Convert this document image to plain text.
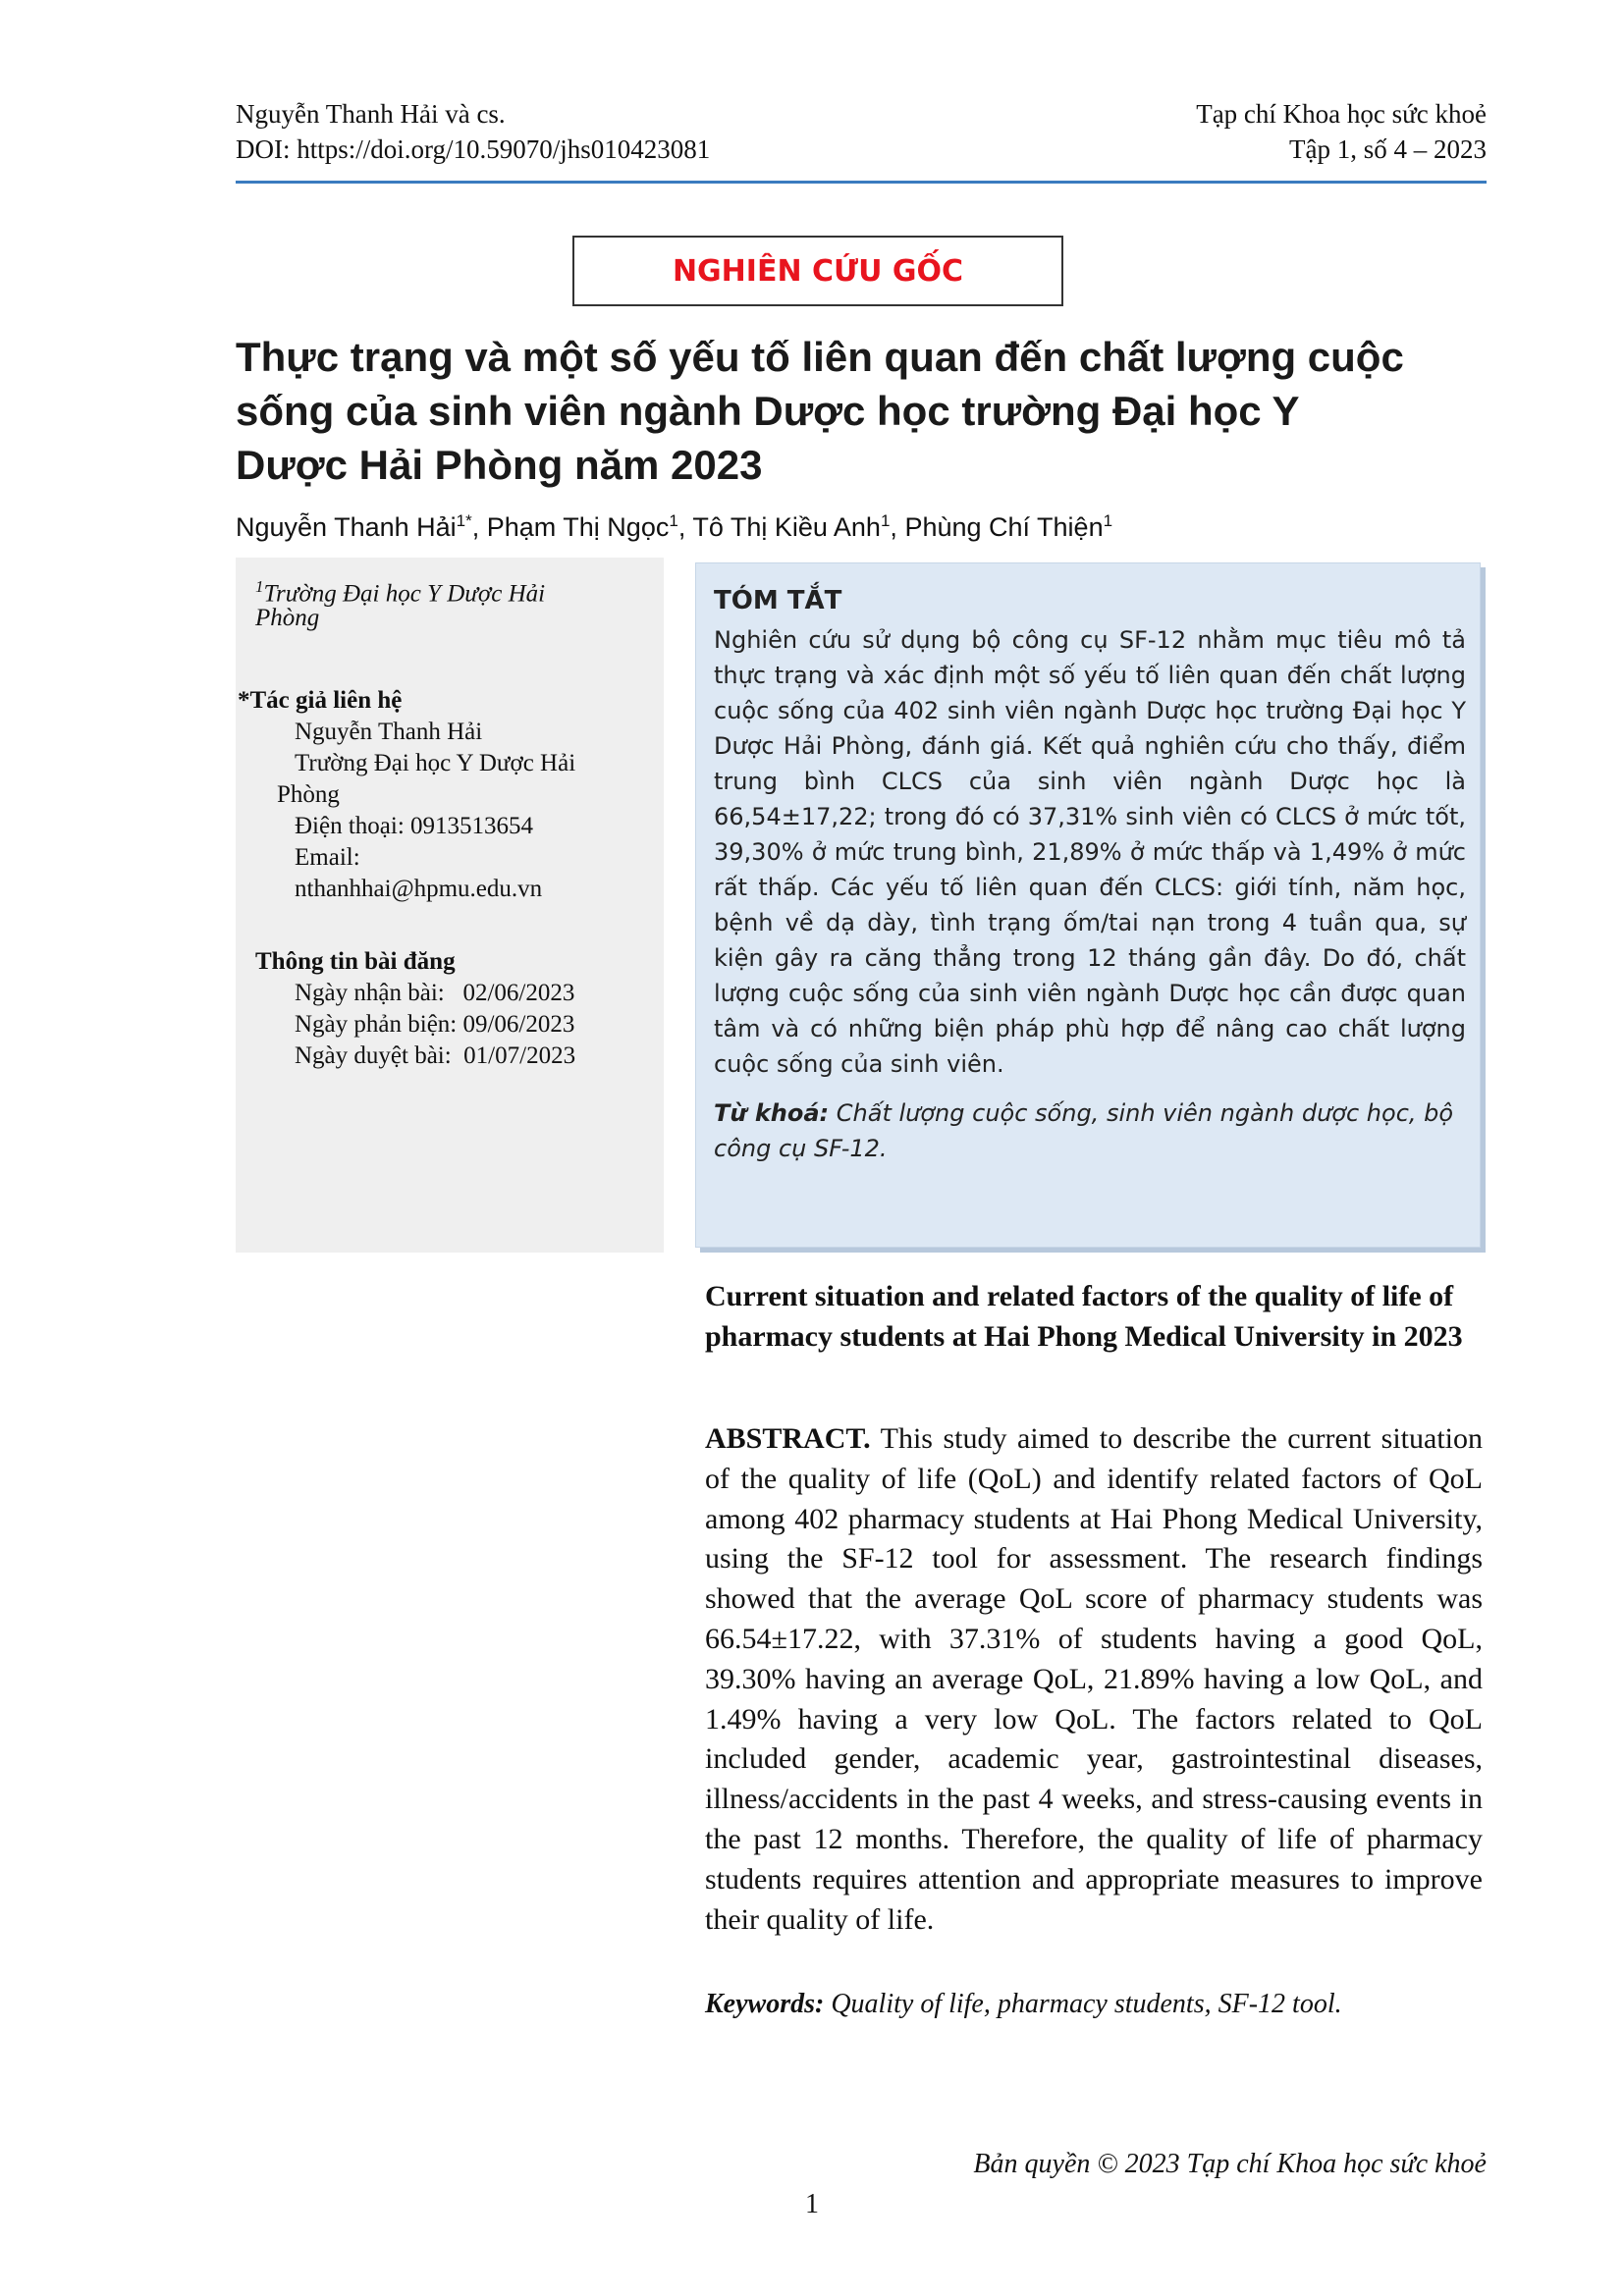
Nguyễn Thanh Hải và cs.
DOI: https://doi.org/10.59070/jhs010423081
Tạp chí Khoa học sức khoẻ
Tập 1, số 4 – 2023
NGHIÊN CỨU GỐC
Thực trạng và một số yếu tố liên quan đến chất lượng cuộc
sống của sinh viên ngành Dược học trường Đại học Y
Dược Hải Phòng năm 2023
Nguyễn Thanh Hải$^{1*}$, Phạm Thị Ngọc$^1$, Tô Thị Kiều Anh$^1$, Phùng Chí Thiện$^1$
$^1$Trường Đại học Y Dược Hải
Phòng
*Tác giả liên hệ
Nguyễn Thanh Hải
Trường Đại học Y Dược Hải
Phòng
Điện thoại: 0913513654
Email:
nthanhhai@hpmu.edu.vn
Thông tin bài đăng
Ngày nhận bài:   02/06/2023
Ngày phản biện: 09/06/2023
Ngày duyệt bài:  01/07/2023
TÓM TẮT
Nghiên cứu sử dụng bộ công cụ SF-12 nhằm mục tiêu mô tả thực trạng và xác định một số yếu tố liên quan đến chất lượng cuộc sống của 402 sinh viên ngành Dược học trường Đại học Y Dược Hải Phòng, đánh giá. Kết quả nghiên cứu cho thấy, điểm trung bình CLCS của sinh viên ngành Dược học là 66,54±17,22; trong đó có 37,31% sinh viên có CLCS ở mức tốt, 39,30% ở mức trung bình, 21,89% ở mức thấp và 1,49% ở mức rất thấp. Các yếu tố liên quan đến CLCS: giới tính, năm học, bệnh về dạ dày, tình trạng ốm/tai nạn trong 4 tuần qua, sự kiện gây ra căng thẳng trong 12 tháng gần đây. Do đó, chất lượng cuộc sống của sinh viên ngành Dược học cần được quan tâm và có những biện pháp phù hợp để nâng cao chất lượng cuộc sống của sinh viên.
Từ khoá: Chất lượng cuộc sống, sinh viên ngành dược học, bộ công cụ SF-12.
Current situation and related factors of the quality of life of pharmacy students at Hai Phong Medical University in 2023
ABSTRACT. This study aimed to describe the current situation of the quality of life (QoL) and identify related factors of QoL among 402 pharmacy students at Hai Phong Medical University, using the SF-12 tool for assessment. The research findings showed that the average QoL score of pharmacy students was 66.54±17.22, with 37.31% of students having a good QoL, 39.30% having an average QoL, 21.89% having a low QoL, and 1.49% having a very low QoL. The factors related to QoL included gender, academic year, gastrointestinal diseases, illness/accidents in the past 4 weeks, and stress-causing events in the past 12 months. Therefore, the quality of life of pharmacy students requires attention and appropriate measures to improve their quality of life.
Keywords: Quality of life, pharmacy students, SF-12 tool.
Bản quyền © 2023 Tạp chí Khoa học sức khoẻ
1
